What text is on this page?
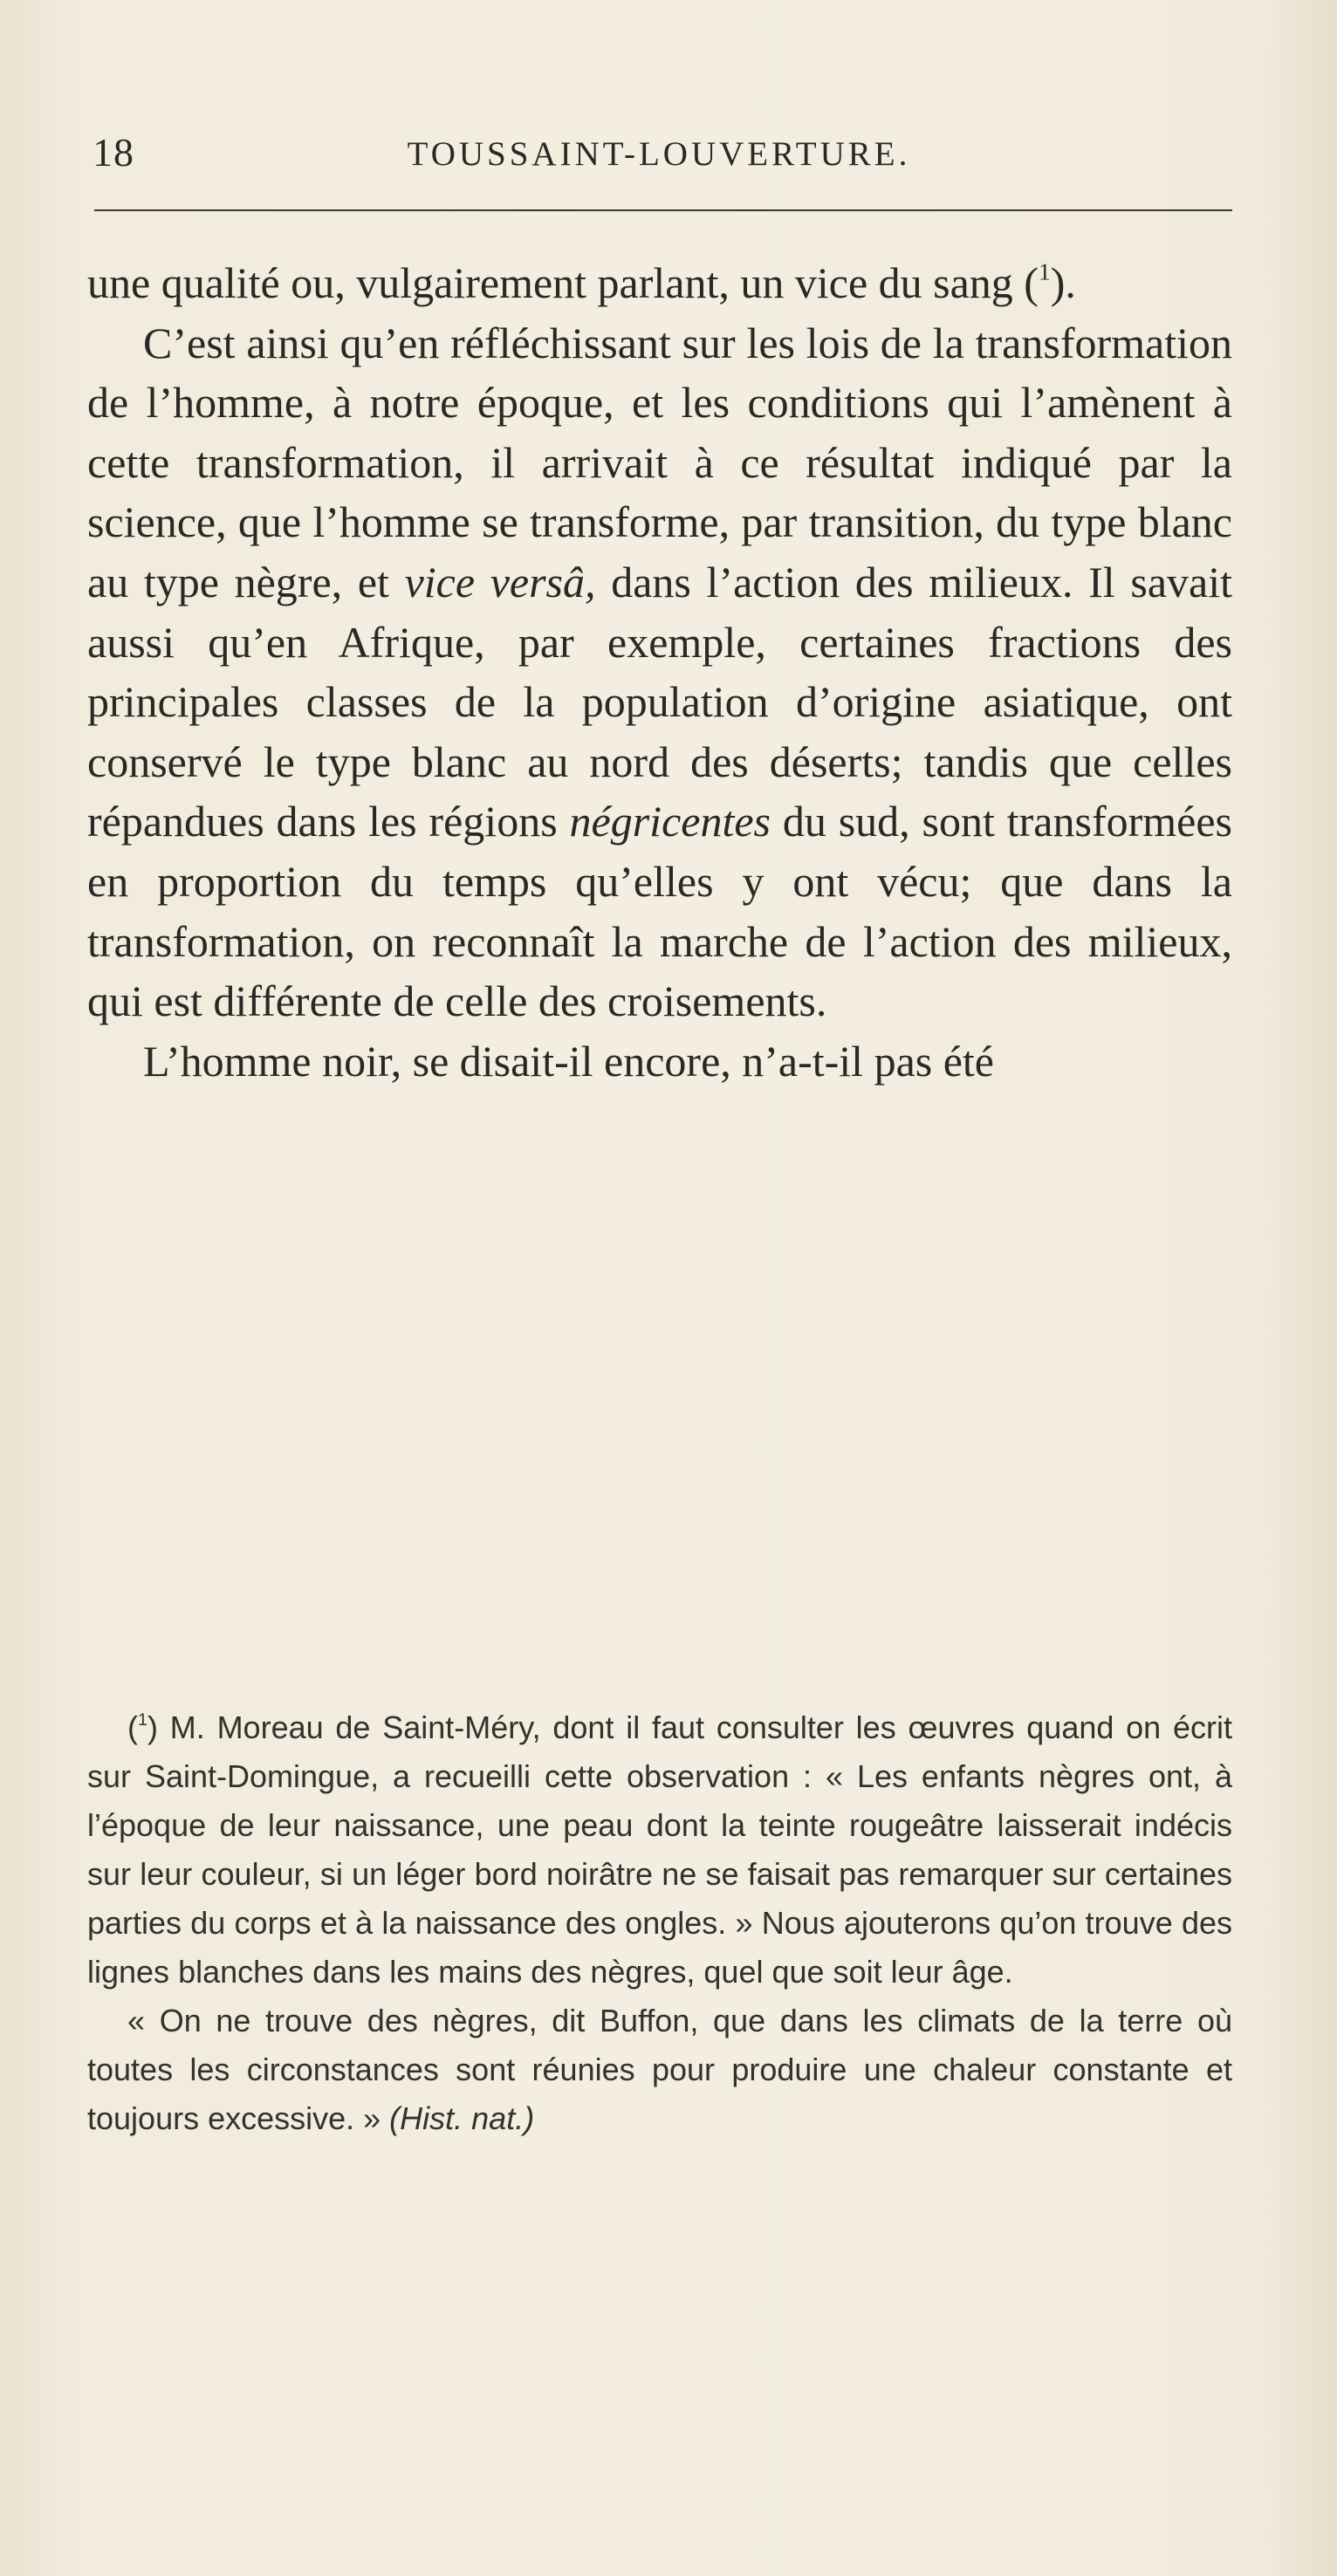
18	TOUSSAINT-LOUVERTURE.

une qualité ou, vulgairement parlant, un vice du sang ($^1$).

C’est ainsi qu’en réfléchissant sur les lois de la transformation de l’homme, à notre époque, et les conditions qui l’amènent à cette transformation, il arrivait à ce résultat indiqué par la science, que l’homme se transforme, par transition, du type blanc au type nègre, et vice versâ, dans l’action des milieux. Il savait aussi qu’en Afrique, par exemple, certaines fractions des principales classes de la population d’origine asiatique, ont conservé le type blanc au nord des déserts; tandis que celles répandues dans les régions négricentes du sud, sont transformées en proportion du temps qu’elles y ont vécu; que dans la transformation, on reconnaît la marche de l’action des milieux, qui est différente de celle des croisements.

L’homme noir, se disait-il encore, n’a-t-il pas été

($^1$) M. Moreau de Saint-Méry, dont il faut consulter les œuvres quand on écrit sur Saint-Domingue, a recueilli cette observation : « Les enfants nègres ont, à l’époque de leur naissance, une peau dont la teinte rougeâtre laisserait indécis sur leur couleur, si un léger bord noirâtre ne se faisait pas remarquer sur certaines parties du corps et à la naissance des ongles. » Nous ajouterons qu’on trouve des lignes blanches dans les mains des nègres, quel que soit leur âge.

« On ne trouve des nègres, dit Buffon, que dans les climats de la terre où toutes les circonstances sont réunies pour produire une chaleur constante et toujours excessive. » (Hist. nat.)
